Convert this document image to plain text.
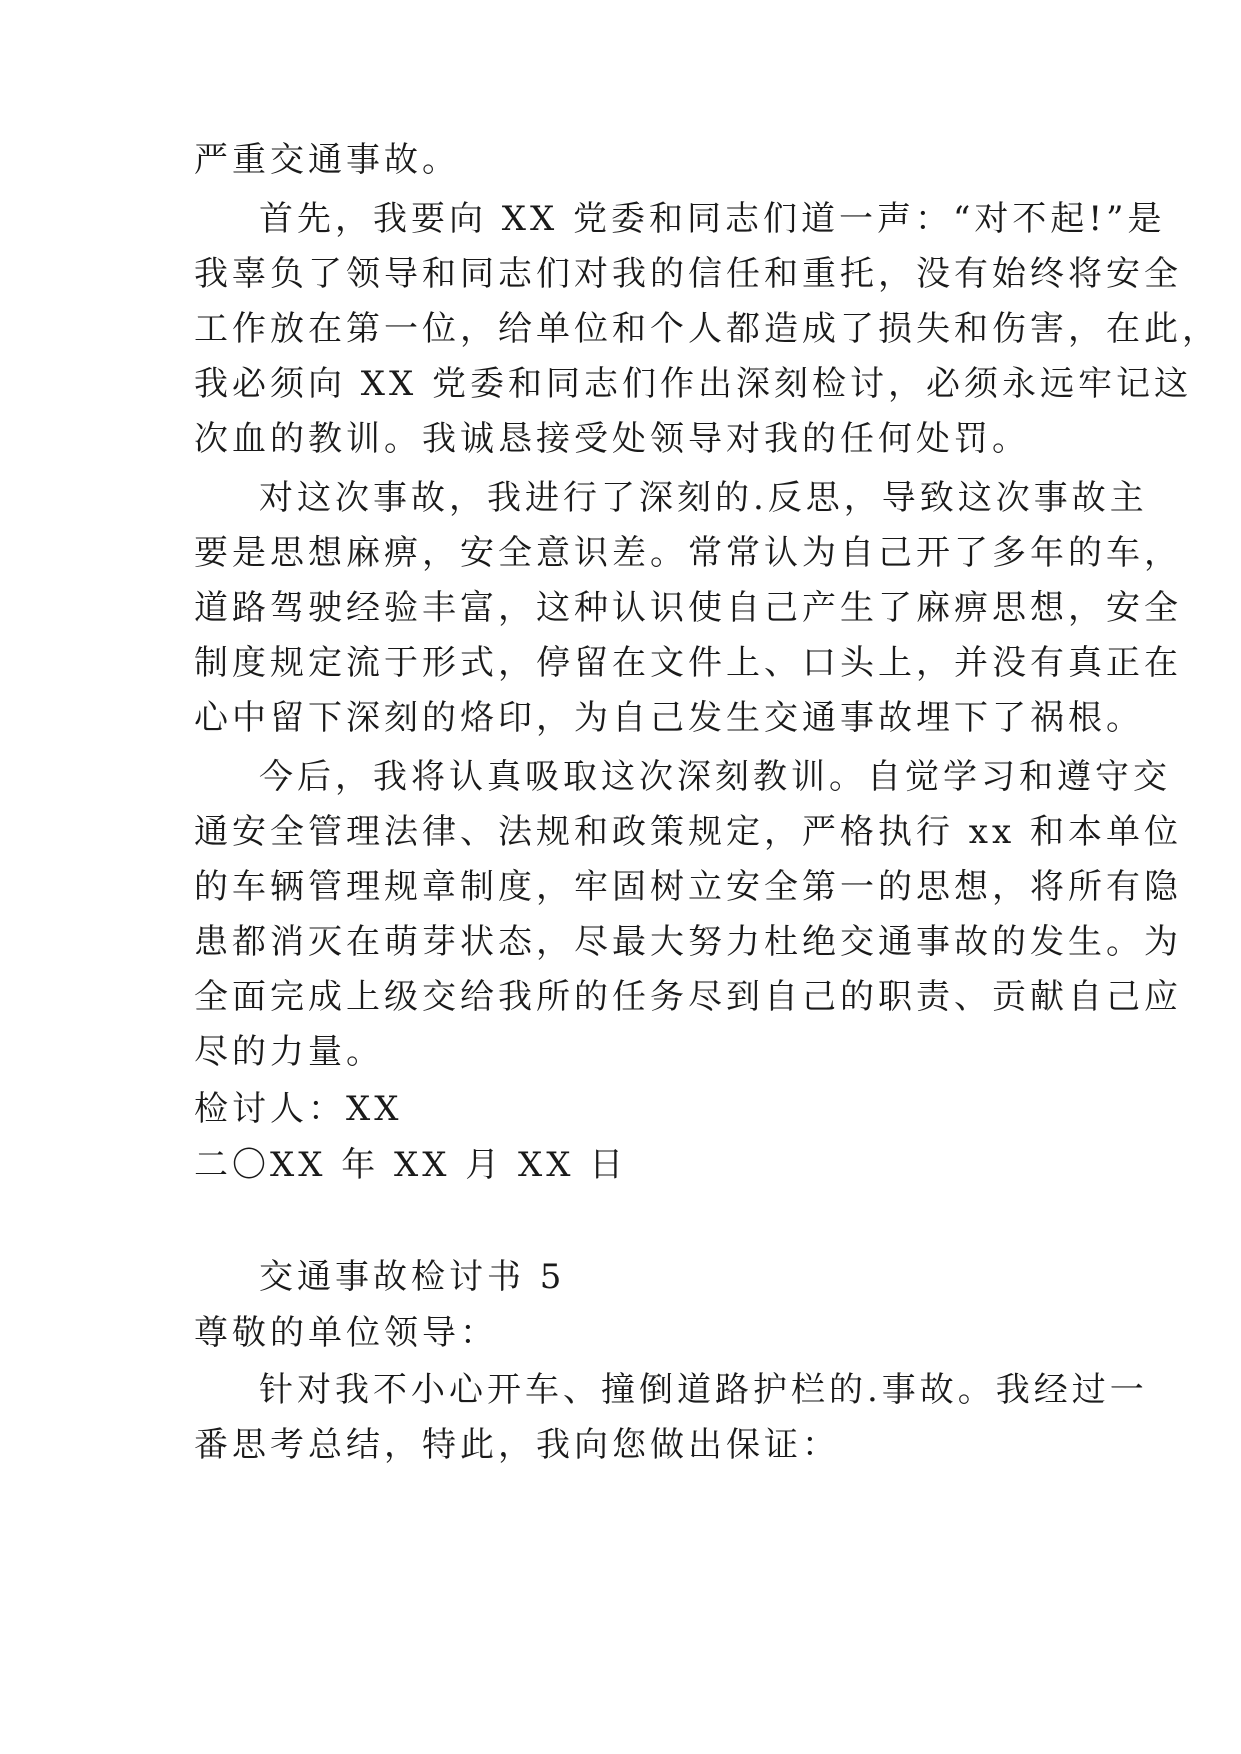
严重交通事故。
首先，我要向 XX 党委和同志们道一声：“对不起!”是
我辜负了领导和同志们对我的信任和重托，没有始终将安全
工作放在第一位，给单位和个人都造成了损失和伤害，在此，
我必须向 XX 党委和同志们作出深刻检讨，必须永远牢记这
次血的教训。我诚恳接受处领导对我的任何处罚。
对这次事故，我进行了深刻的.反思，导致这次事故主
要是思想麻痹，安全意识差。常常认为自己开了多年的车，
道路驾驶经验丰富，这种认识使自己产生了麻痹思想，安全
制度规定流于形式，停留在文件上、口头上，并没有真正在
心中留下深刻的烙印，为自己发生交通事故埋下了祸根。
今后，我将认真吸取这次深刻教训。自觉学习和遵守交
通安全管理法律、法规和政策规定，严格执行 xx 和本单位
的车辆管理规章制度，牢固树立安全第一的思想，将所有隐
患都消灭在萌芽状态，尽最大努力杜绝交通事故的发生。为
全面完成上级交给我所的任务尽到自己的职责、贡献自己应
尽的力量。
检讨人：XX
二〇XX 年 XX 月 XX 日
交通事故检讨书 5
尊敬的单位领导：
针对我不小心开车、撞倒道路护栏的.事故。我经过一
番思考总结，特此，我向您做出保证：
